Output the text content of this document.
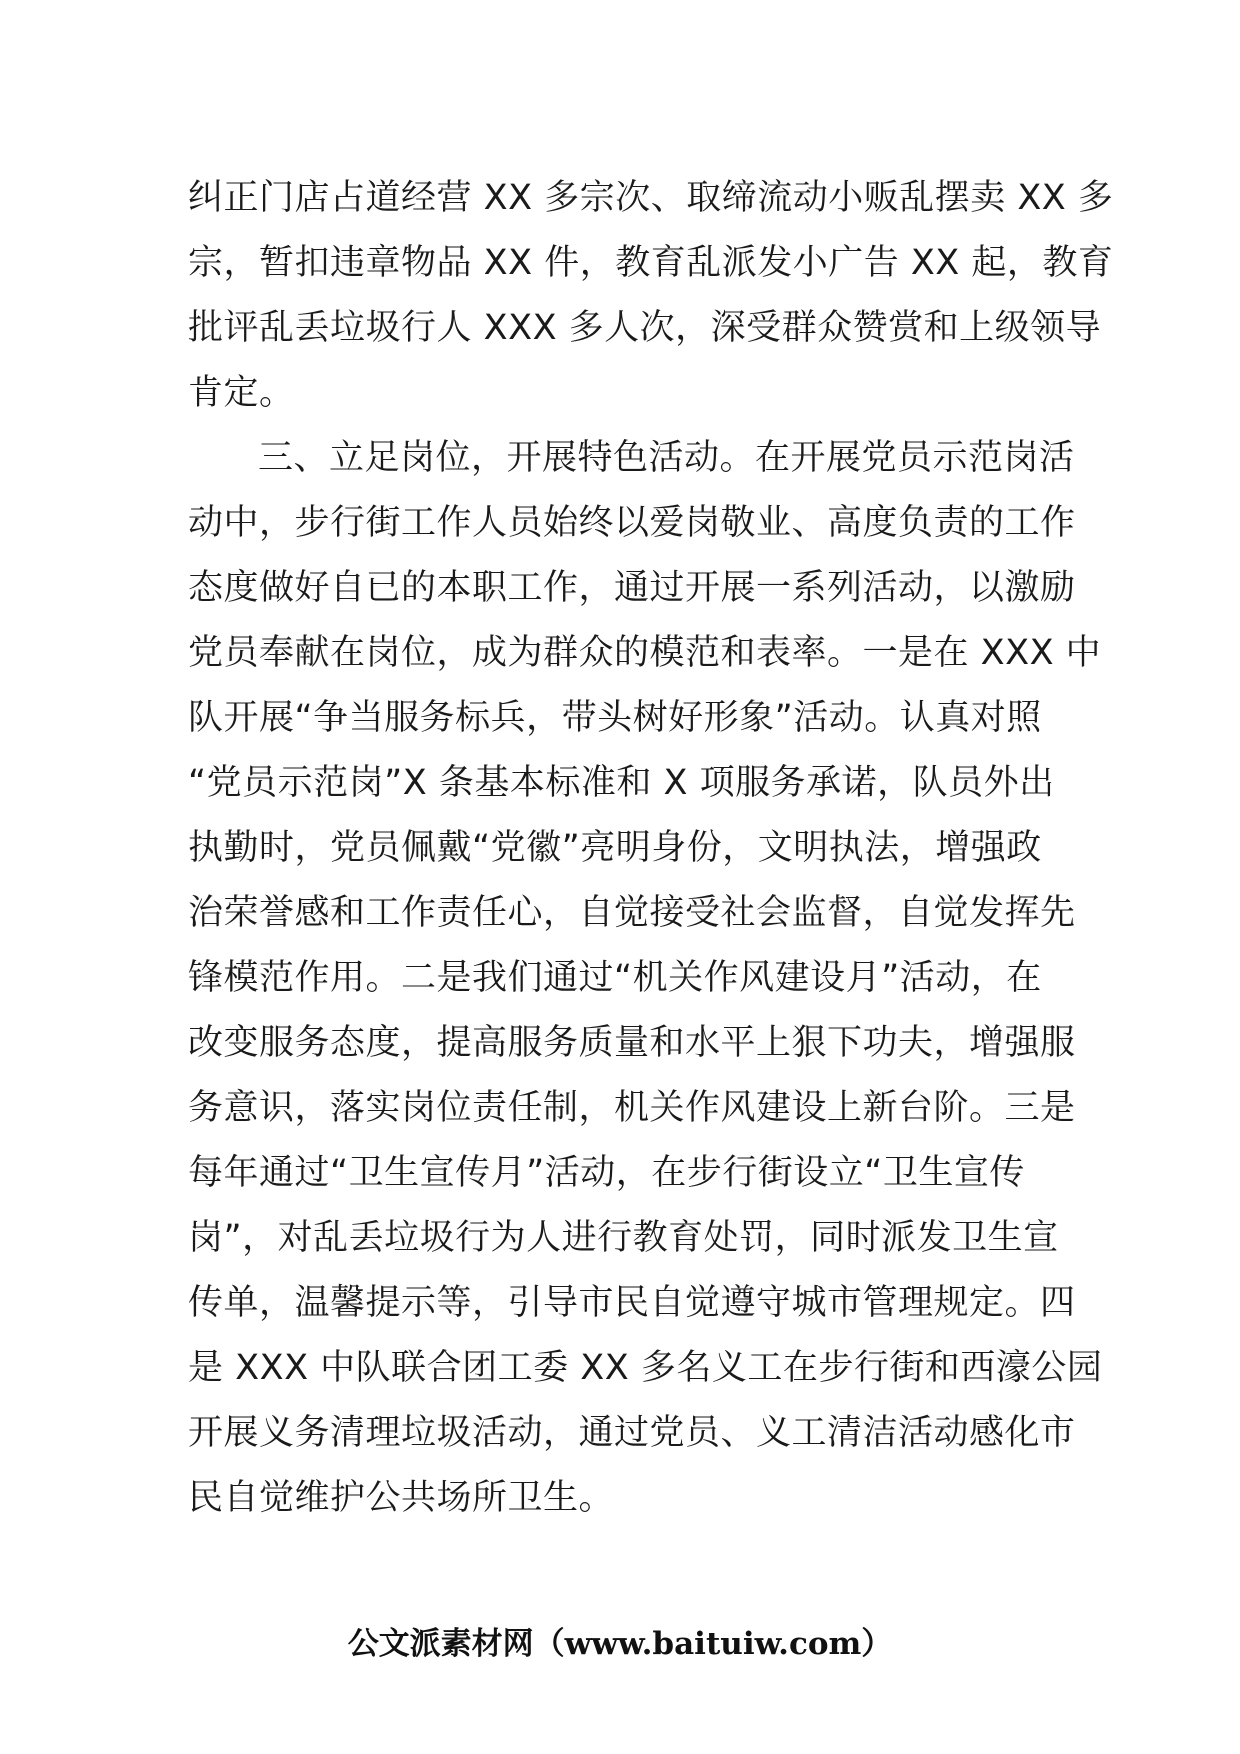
纠正门店占道经营 XX 多宗次、取缔流动小贩乱摆卖 XX 多
宗，暂扣违章物品 XX 件，教育乱派发小广告 XX 起，教育
批评乱丢垃圾行人 XXX 多人次，深受群众赞赏和上级领导
肯定。
三、立足岗位，开展特色活动。在开展党员示范岗活
动中，步行街工作人员始终以爱岗敬业、高度负责的工作
态度做好自已的本职工作，通过开展一系列活动，以激励
党员奉献在岗位，成为群众的模范和表率。一是在 XXX 中
队开展“争当服务标兵，带头树好形象”活动。认真对照
“党员示范岗”X 条基本标准和 X 项服务承诺，队员外出
执勤时，党员佩戴“党徽”亮明身份，文明执法，增强政
治荣誉感和工作责任心，自觉接受社会监督，自觉发挥先
锋模范作用。二是我们通过“机关作风建设月”活动，在
改变服务态度，提高服务质量和水平上狠下功夫，增强服
务意识，落实岗位责任制，机关作风建设上新台阶。三是
每年通过“卫生宣传月”活动，在步行街设立“卫生宣传
岗”，对乱丢垃圾行为人进行教育处罚，同时派发卫生宣
传单，温馨提示等，引导市民自觉遵守城市管理规定。四
是 XXX 中队联合团工委 XX 多名义工在步行街和西濠公园
开展义务清理垃圾活动，通过党员、义工清洁活动感化市
民自觉维护公共场所卫生。
公文派素材网（www.baituiw.com）
